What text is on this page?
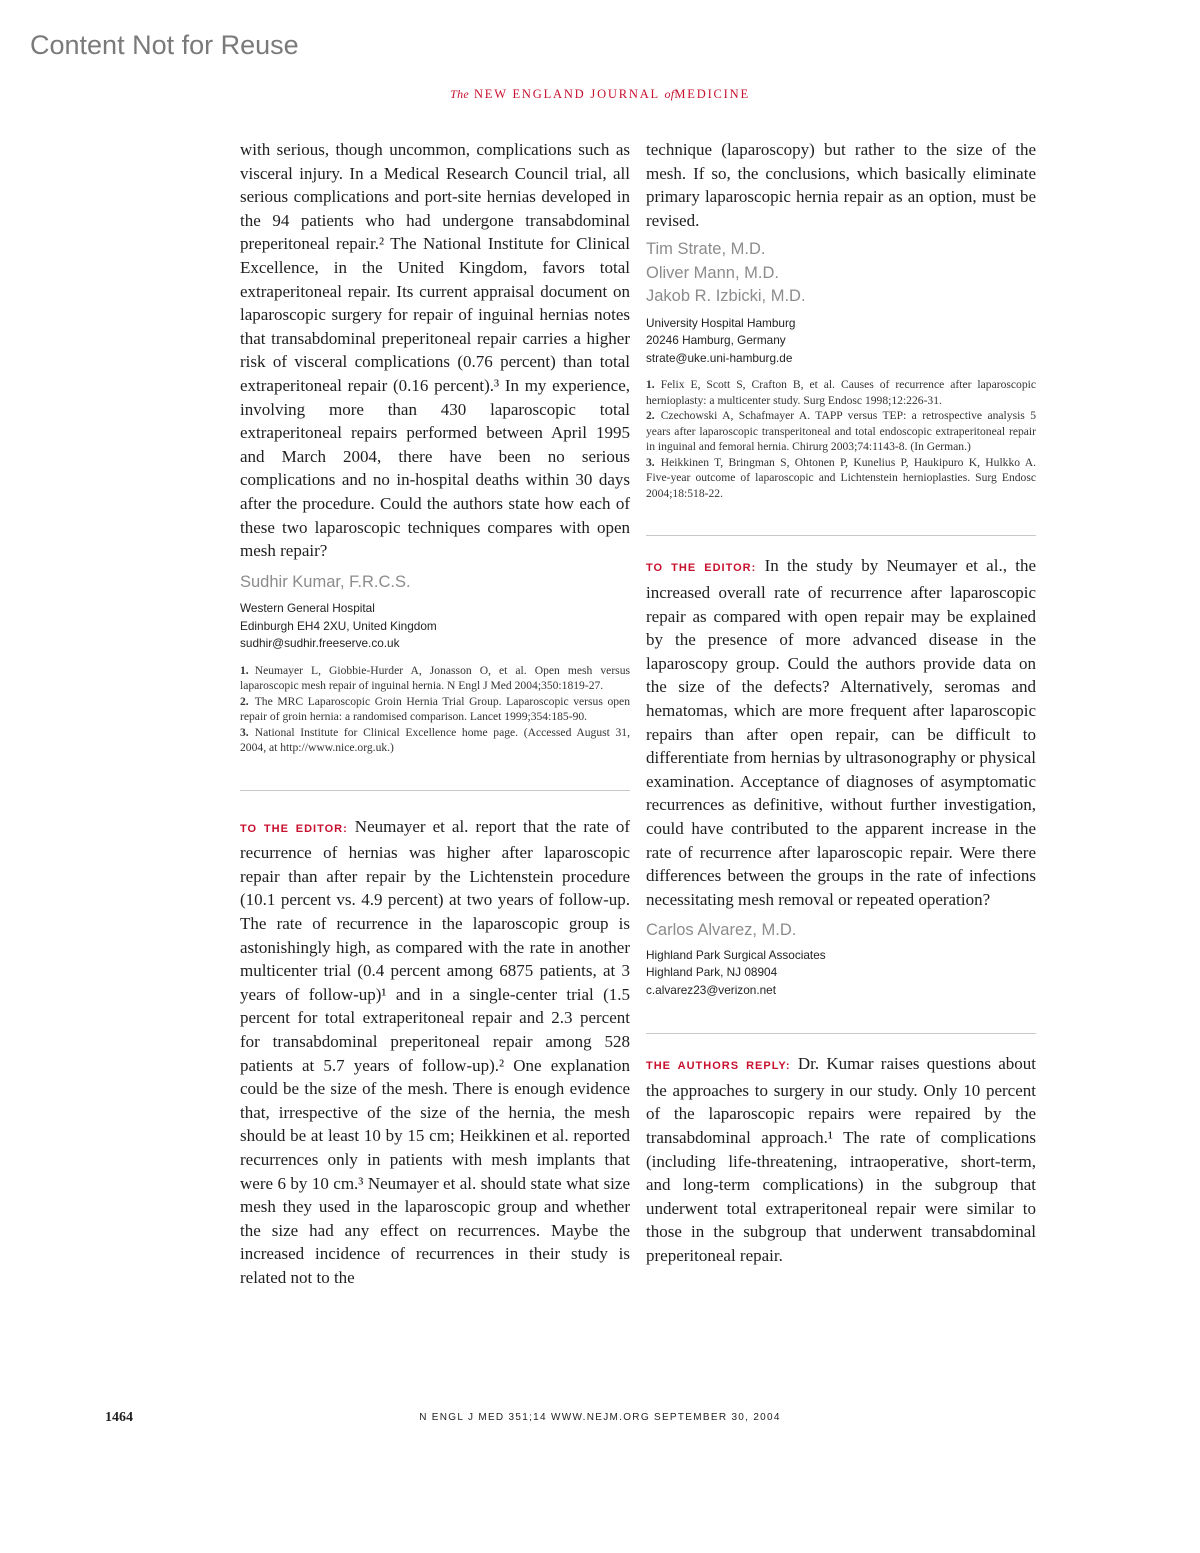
Content Not for Reuse
The NEW ENGLAND JOURNAL ofMEDICINE

with serious, though uncommon, complications such as visceral injury. In a Medical Research Council trial, all serious complications and port-site hernias developed in the 94 patients who had undergone transabdominal preperitoneal repair.² The National Institute for Clinical Excellence, in the United Kingdom, favors total extraperitoneal repair. Its current appraisal document on laparoscopic surgery for repair of inguinal hernias notes that transabdominal preperitoneal repair carries a higher risk of visceral complications (0.76 percent) than total extraperitoneal repair (0.16 percent).³ In my experience, involving more than 430 laparoscopic total extraperitoneal repairs performed between April 1995 and March 2004, there have been no serious complications and no in-hospital deaths within 30 days after the procedure. Could the authors state how each of these two laparoscopic techniques compares with open mesh repair?

Sudhir Kumar, F.R.C.S.
Western General Hospital
Edinburgh EH4 2XU, United Kingdom
sudhir@sudhir.freeserve.co.uk
1. Neumayer L, Giobbie-Hurder A, Jonasson O, et al. Open mesh versus laparoscopic mesh repair of inguinal hernia. N Engl J Med 2004;350:1819-27.
2. The MRC Laparoscopic Groin Hernia Trial Group. Laparoscopic versus open repair of groin hernia: a randomised comparison. Lancet 1999;354:185-90.
3. National Institute for Clinical Excellence home page. (Accessed August 31, 2004, at http://www.nice.org.uk.)

TO THE EDITOR: Neumayer et al. report that the rate of recurrence of hernias was higher after laparoscopic repair than after repair by the Lichtenstein procedure (10.1 percent vs. 4.9 percent) at two years of follow-up. The rate of recurrence in the laparoscopic group is astonishingly high, as compared with the rate in another multicenter trial (0.4 percent among 6875 patients, at 3 years of follow-up)¹ and in a single-center trial (1.5 percent for total extraperitoneal repair and 2.3 percent for transabdominal preperitoneal repair among 528 patients at 5.7 years of follow-up).² One explanation could be the size of the mesh. There is enough evidence that, irrespective of the size of the hernia, the mesh should be at least 10 by 15 cm; Heikkinen et al. reported recurrences only in patients with mesh implants that were 6 by 10 cm.³ Neumayer et al. should state what size mesh they used in the laparoscopic group and whether the size had any effect on recurrences. Maybe the increased incidence of recurrences in their study is related not to the

technique (laparoscopy) but rather to the size of the mesh. If so, the conclusions, which basically eliminate primary laparoscopic hernia repair as an option, must be revised.

Tim Strate, M.D.
Oliver Mann, M.D.
Jakob R. Izbicki, M.D.
University Hospital Hamburg
20246 Hamburg, Germany
strate@uke.uni-hamburg.de
1. Felix E, Scott S, Crafton B, et al. Causes of recurrence after laparoscopic hernioplasty: a multicenter study. Surg Endosc 1998;12:226-31.
2. Czechowski A, Schafmayer A. TAPP versus TEP: a retrospective analysis 5 years after laparoscopic transperitoneal and total endoscopic extraperitoneal repair in inguinal and femoral hernia. Chirurg 2003;74:1143-8. (In German.)
3. Heikkinen T, Bringman S, Ohtonen P, Kunelius P, Haukipuro K, Hulkko A. Five-year outcome of laparoscopic and Lichtenstein hernioplasties. Surg Endosc 2004;18:518-22.

TO THE EDITOR: In the study by Neumayer et al., the increased overall rate of recurrence after laparoscopic repair as compared with open repair may be explained by the presence of more advanced disease in the laparoscopy group. Could the authors provide data on the size of the defects? Alternatively, seromas and hematomas, which are more frequent after laparoscopic repairs than after open repair, can be difficult to differentiate from hernias by ultrasonography or physical examination. Acceptance of diagnoses of asymptomatic recurrences as definitive, without further investigation, could have contributed to the apparent increase in the rate of recurrence after laparoscopic repair. Were there differences between the groups in the rate of infections necessitating mesh removal or repeated operation?

Carlos Alvarez, M.D.
Highland Park Surgical Associates
Highland Park, NJ 08904
c.alvarez23@verizon.net

THE AUTHORS REPLY: Dr. Kumar raises questions about the approaches to surgery in our study. Only 10 percent of the laparoscopic repairs were repaired by the transabdominal approach.¹ The rate of complications (including life-threatening, intraoperative, short-term, and long-term complications) in the subgroup that underwent total extraperitoneal repair were similar to those in the subgroup that underwent transabdominal preperitoneal repair.

1464	N ENGL J MED 351;14 WWW.NEJM.ORG SEPTEMBER 30, 2004
